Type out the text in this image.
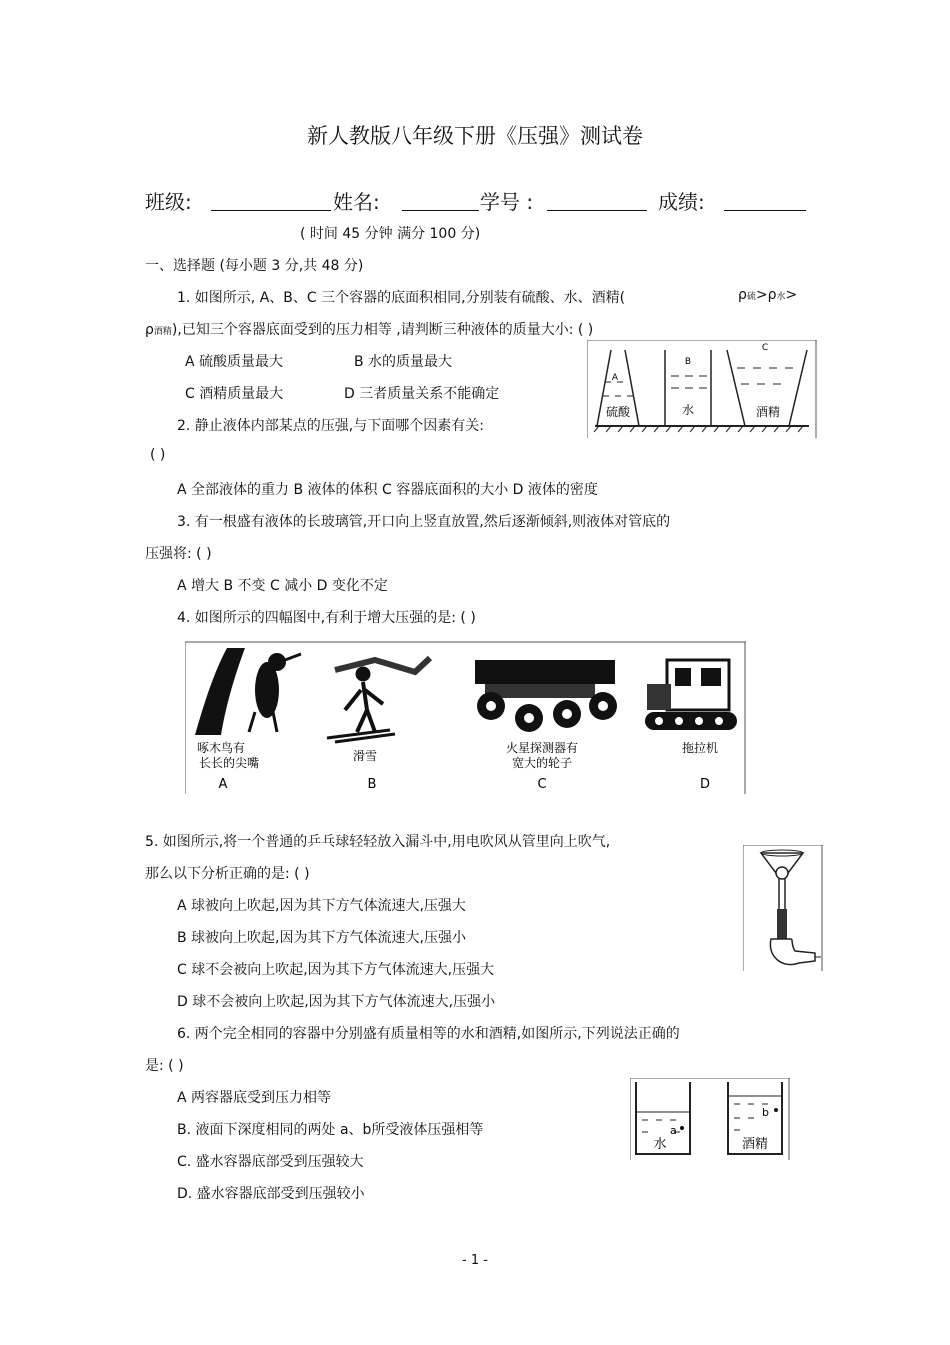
新人教版八年级下册《压强》测试卷
班级:	姓名:	学号 :	成绩:
( 时间 45 分钟 满分 100 分)
一、选择题 (每小题 3 分,共 48 分)
1. 如图所示, A、B、C 三个容器的底面积相同,分别装有硫酸、水、酒精(	ρ硫>ρ水>
ρ酒精),已知三个容器底面受到的压力相等 ,请判断三种液体的质量大小: ( )
A 硫酸质量最大	B 水的质量最大
C 酒精质量最大	D 三者质量关系不能确定
A
硫酸
B
水
C
酒精
2. 静止液体内部某点的压强,与下面哪个因素有关:
( )
A 全部液体的重力 B 液体的体积 C 容器底面积的大小 D 液体的密度
3. 有一根盛有液体的长玻璃管,开口向上竖直放置,然后逐渐倾斜,则液体对管底的
压强将: ( )
A 增大 B 不变 C 减小 D 变化不定
4. 如图所示的四幅图中,有利于增大压强的是: ( )
啄木鸟有
长长的尖嘴
A
滑雪
B
火星探测器有
宽大的轮子
C
拖拉机
D
5. 如图所示,将一个普通的乒乓球轻轻放入漏斗中,用电吹风从管里向上吹气,
那么以下分析正确的是: ( )
A 球被向上吹起,因为其下方气体流速大,压强大
B 球被向上吹起,因为其下方气体流速大,压强小
C 球不会被向上吹起,因为其下方气体流速大,压强大
D 球不会被向上吹起,因为其下方气体流速大,压强小
6. 两个完全相同的容器中分别盛有质量相等的水和酒精,如图所示,下列说法正确的
是: ( )
A 两容器底受到压力相等
B. 液面下深度相同的两处 a、b所受液体压强相等
C. 盛水容器底部受到压强较大
D. 盛水容器底部受到压强较小
a
水
b
酒精
- 1 -
